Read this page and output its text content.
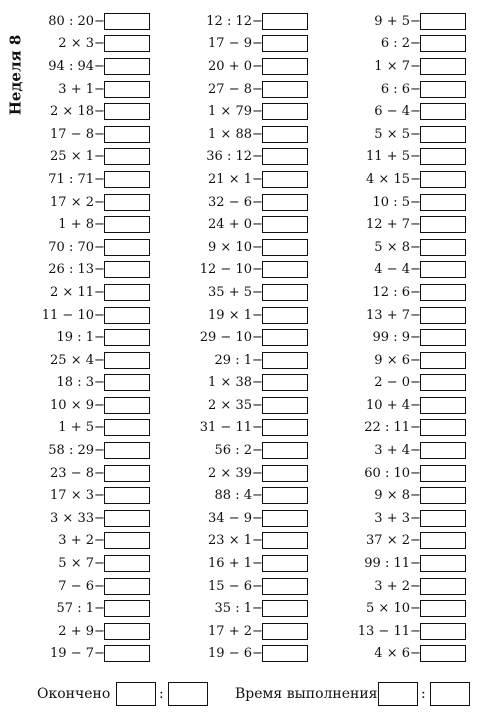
Неделя 8
80 : 20 −
2 × 3 −
94 : 94 −
3 + 1 −
2 × 18 −
17 − 8 −
25 × 1 −
71 : 71 −
17 × 2 −
1 + 8 −
70 : 70 −
26 : 13 −
2 × 11 −
11 − 10 −
19 : 1 −
25 × 4 −
18 : 3 −
10 × 9 −
1 + 5 −
58 : 29 −
23 − 8 −
17 × 3 −
3 × 33 −
3 + 2 −
5 × 7 −
7 − 6 −
57 : 1 −
2 + 9 −
19 − 7 −
12 : 12 −
17 − 9 −
20 + 0 −
27 − 8 −
1 × 79 −
1 × 88 −
36 : 12 −
21 × 1 −
32 − 6 −
24 + 0 −
9 × 10 −
12 − 10 −
35 + 5 −
19 × 1 −
29 − 10 −
29 : 1 −
1 × 38 −
2 × 35 −
31 − 11 −
56 : 2 −
2 × 39 −
88 : 4 −
34 − 9 −
23 × 1 −
16 + 1 −
15 − 6 −
35 : 1 −
17 + 2 −
19 − 6 −
9 + 5 −
6 : 2 −
1 × 7 −
6 : 6 −
6 − 4 −
5 × 5 −
11 + 5 −
4 × 15 −
10 : 5 −
12 + 7 −
5 × 8 −
4 − 4 −
12 : 6 −
13 + 7 −
99 : 9 −
9 × 6 −
2 − 0 −
10 + 4 −
22 : 11 −
3 + 4 −
60 : 10 −
9 × 8 −
3 + 3 −
37 × 2 −
99 : 11 −
3 + 2 −
5 × 10 −
13 − 11 −
4 × 6 −
Окончено	:	Время выполнения	:
